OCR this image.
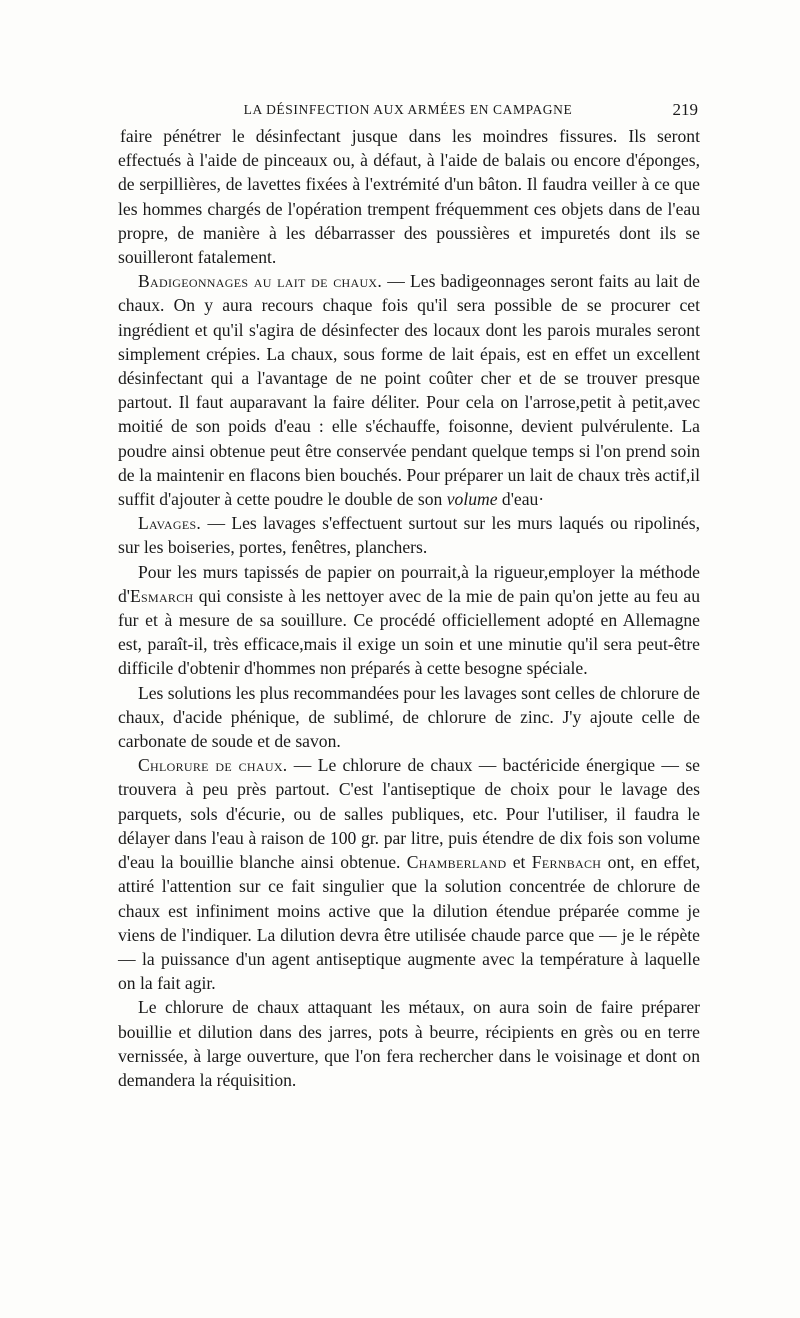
LA DÉSINFECTION AUX ARMÉES EN CAMPAGNE	219

faire pénétrer le désinfectant jusque dans les moindres fissures. Ils seront effectués à l'aide de pinceaux ou, à défaut, à l'aide de balais ou encore d'éponges, de serpillières, de lavettes fixées à l'extrémité d'un bâton. Il faudra veiller à ce que les hommes chargés de l'opération trempent fréquemment ces objets dans de l'eau propre, de manière à les débarrasser des poussières et impuretés dont ils se souilleront fatalement.

Badigeonnages au lait de chaux. — Les badigeonnages seront faits au lait de chaux. On y aura recours chaque fois qu'il sera possible de se procurer cet ingrédient et qu'il s'agira de désinfecter des locaux dont les parois murales seront simplement crépies. La chaux, sous forme de lait épais, est en effet un excellent désinfectant qui a l'avantage de ne point coûter cher et de se trouver presque partout. Il faut auparavant la faire déliter. Pour cela on l'arrose,petit à petit,avec moitié de son poids d'eau : elle s'échauffe, foisonne, devient pulvérulente. La poudre ainsi obtenue peut être conservée pendant quelque temps si l'on prend soin de la maintenir en flacons bien bouchés. Pour préparer un lait de chaux très actif,il suffit d'ajouter à cette poudre le double de son volume d'eau·

Lavages. — Les lavages s'effectuent surtout sur les murs laqués ou ripolinés, sur les boiseries, portes, fenêtres, planchers.

Pour les murs tapissés de papier on pourrait,à la rigueur,employer la méthode d'Esmarch qui consiste à les nettoyer avec de la mie de pain qu'on jette au feu au fur et à mesure de sa souillure. Ce procédé officiellement adopté en Allemagne est, paraît-il, très efficace,mais il exige un soin et une minutie qu'il sera peut-être difficile d'obtenir d'hommes non préparés à cette besogne spéciale.

Les solutions les plus recommandées pour les lavages sont celles de chlorure de chaux, d'acide phénique, de sublimé, de chlorure de zinc. J'y ajoute celle de carbonate de soude et de savon.

Chlorure de chaux. — Le chlorure de chaux — bactéricide énergique — se trouvera à peu près partout. C'est l'antiseptique de choix pour le lavage des parquets, sols d'écurie, ou de salles publiques, etc. Pour l'utiliser, il faudra le délayer dans l'eau à raison de 100 gr. par litre, puis étendre de dix fois son volume d'eau la bouillie blanche ainsi obtenue. Chamberland et Fernbach ont, en effet, attiré l'attention sur ce fait singulier que la solution concentrée de chlorure de chaux est infiniment moins active que la dilution étendue préparée comme je viens de l'indiquer. La dilution devra être utilisée chaude parce que — je le répète — la puissance d'un agent antiseptique augmente avec la température à laquelle on la fait agir.

Le chlorure de chaux attaquant les métaux, on aura soin de faire préparer bouillie et dilution dans des jarres, pots à beurre, récipients en grès ou en terre vernissée, à large ouverture, que l'on fera rechercher dans le voisinage et dont on demandera la réquisition.
